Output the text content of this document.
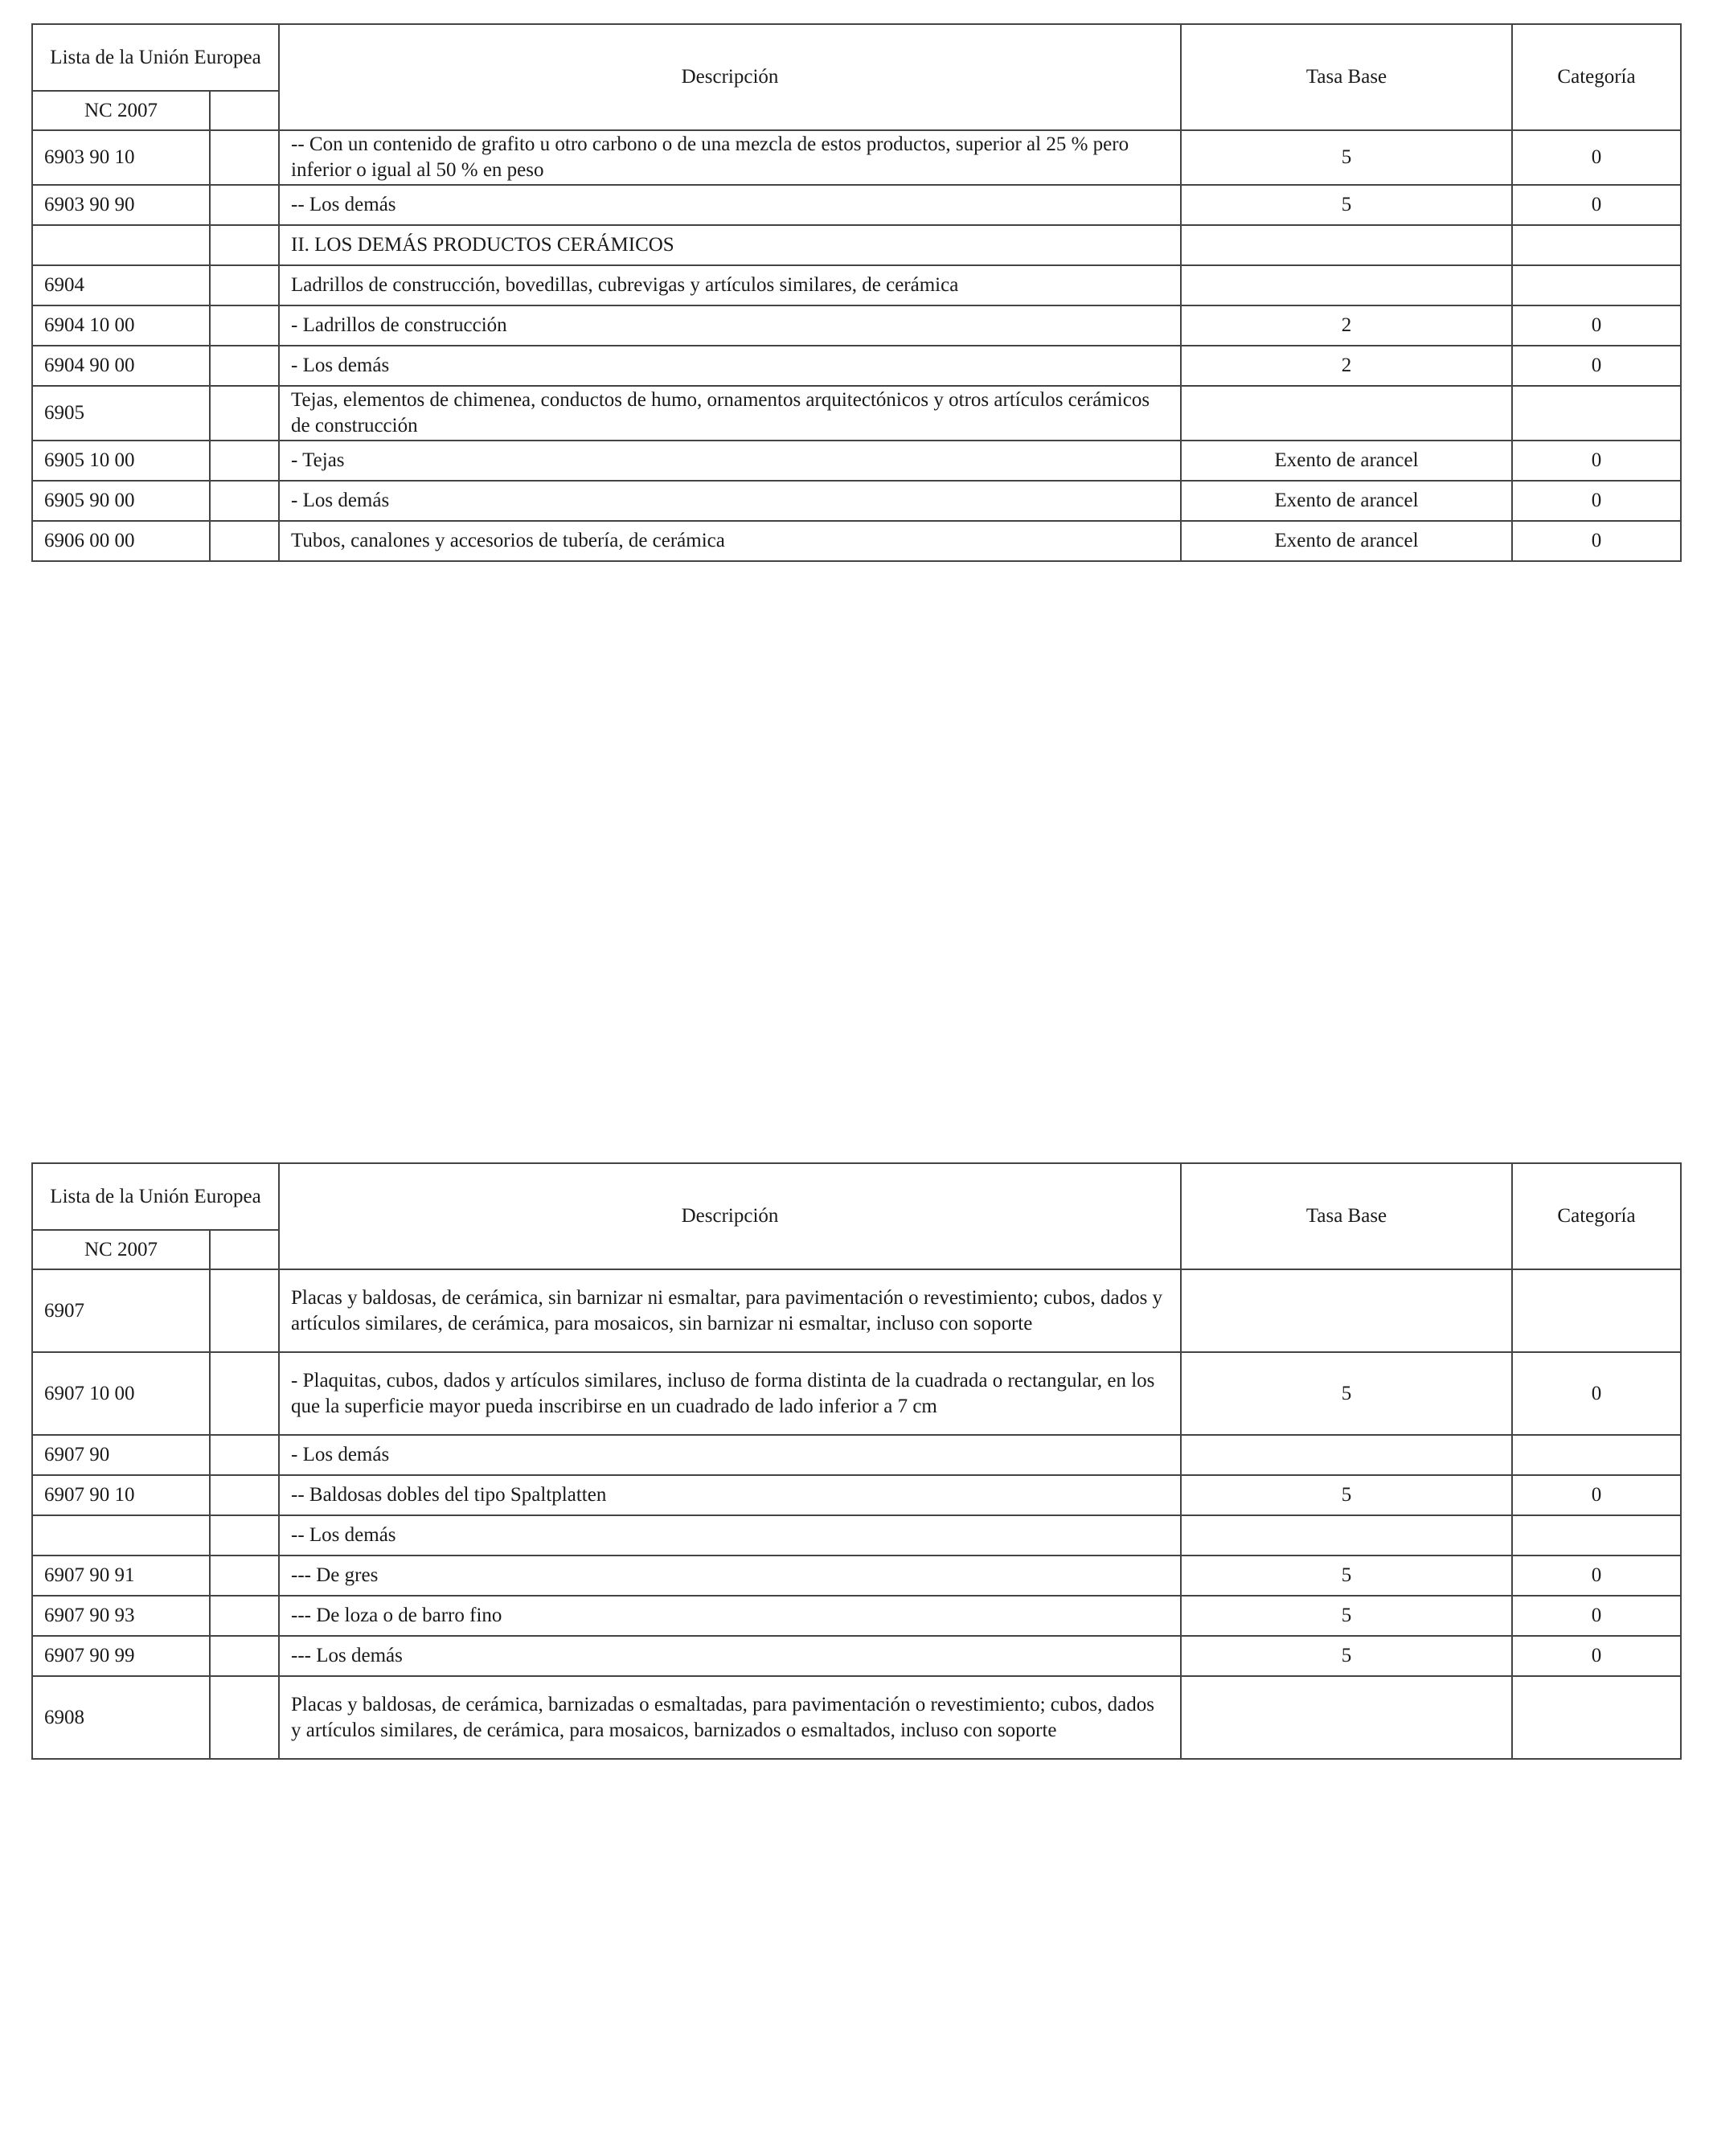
Lista de la Unión Europea		Descripción	Tasa Base	Categoría
NC 2007				
6903 90 10		-- Con un contenido de grafito u otro carbono o de una mezcla de estos productos, superior al 25 % pero inferior o igual al 50 % en peso	5	0
6903 90 90		-- Los demás	5	0
		II. LOS DEMÁS PRODUCTOS CERÁMICOS		
6904		Ladrillos de construcción, bovedillas, cubrevigas y artículos similares, de cerámica		
6904 10 00		- Ladrillos de construcción	2	0
6904 90 00		- Los demás	2	0
6905		Tejas, elementos de chimenea, conductos de humo, ornamentos arquitectónicos y otros artículos cerámicos de construcción		
6905 10 00		- Tejas	Exento de arancel	0
6905 90 00		- Los demás	Exento de arancel	0
6906 00 00		Tubos, canalones y accesorios de tubería, de cerámica	Exento de arancel	0
Lista de la Unión Europea		Descripción	Tasa Base	Categoría
NC 2007				
6907		Placas y baldosas, de cerámica, sin barnizar ni esmaltar, para pavimentación o revestimiento; cubos, dados y artículos similares, de cerámica, para mosaicos, sin barnizar ni esmaltar, incluso con soporte		
6907 10 00		- Plaquitas, cubos, dados y artículos similares, incluso de forma distinta de la cuadrada o rectangular, en los que la superficie mayor pueda inscribirse en un cuadrado de lado inferior a 7 cm	5	0
6907 90		- Los demás		
6907 90 10		-- Baldosas dobles del tipo Spaltplatten	5	0
		-- Los demás		
6907 90 91		--- De gres	5	0
6907 90 93		--- De loza o de barro fino	5	0
6907 90 99		--- Los demás	5	0
6908		Placas y baldosas, de cerámica, barnizadas o esmaltadas, para pavimentación o revestimiento; cubos, dados y artículos similares, de cerámica, para mosaicos, barnizados o esmaltados, incluso con soporte		
